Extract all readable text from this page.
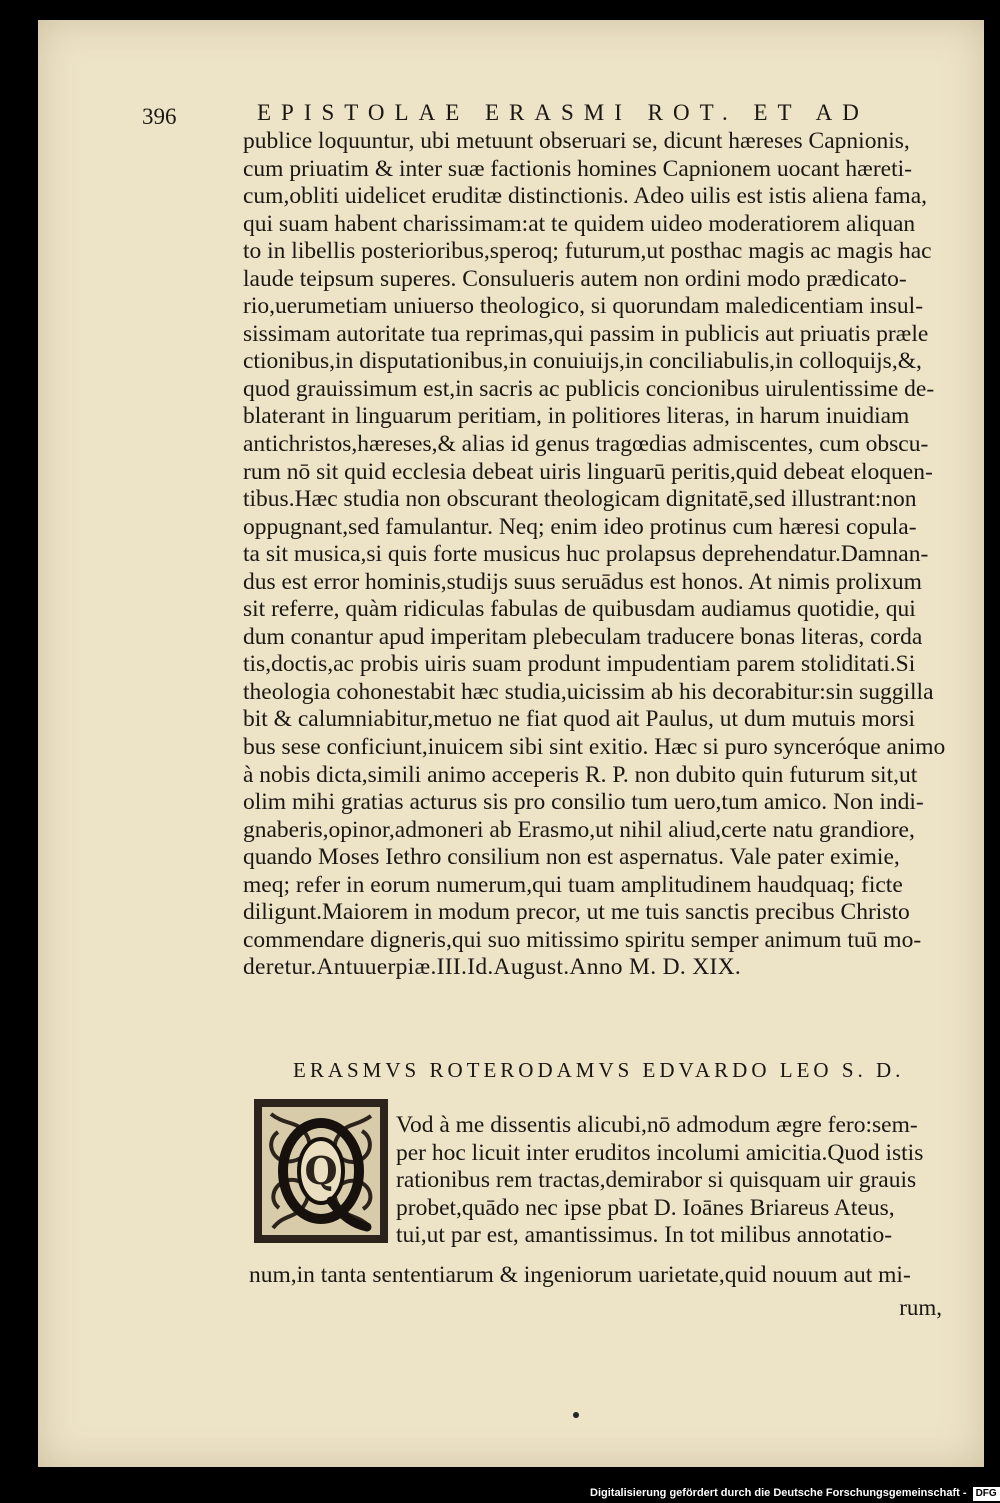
396	EPISTOLAE ERASMI ROT. ET AD
publice loquuntur, ubi metuunt obseruari se, dicunt hæreses Capnionis,
cum priuatim & inter suæ factionis homines Capnionem uocant hæreti-
cum,obliti uidelicet eruditæ distinctionis. Adeo uilis est istis aliena fama,
qui suam habent charissimam:at te quidem uideo moderatiorem aliquan
to in libellis posterioribus,speroq; futurum,ut posthac magis ac magis hac
laude teipsum superes. Consulueris autem non ordini modo prædicato-
rio,uerumetiam uniuerso theologico, si quorundam maledicentiam insul-
sissimam autoritate tua reprimas,qui passim in publicis aut priuatis præle
ctionibus,in disputationibus,in conuiuijs,in conciliabulis,in colloquijs,&,
quod grauissimum est,in sacris ac publicis concionibus uirulentissime de-
blaterant in linguarum peritiam, in politiores literas, in harum inuidiam
antichristos,hæreses,& alias id genus tragœdias admiscentes, cum obscu-
rum nō sit quid ecclesia debeat uiris linguarū peritis,quid debeat eloquen-
tibus.Hæc studia non obscurant theologicam dignitatē,sed illustrant:non
oppugnant,sed famulantur. Neq; enim ideo protinus cum hæresi copula-
ta sit musica,si quis forte musicus huc prolapsus deprehendatur.Damnan-
dus est error hominis,studijs suus seruādus est honos. At nimis prolixum
sit referre, quàm ridiculas fabulas de quibusdam audiamus quotidie, qui
dum conantur apud imperitam plebeculam traducere bonas literas, corda
tis,doctis,ac probis uiris suam produnt impudentiam parem stoliditati.Si
theologia cohonestabit hæc studia,uicissim ab his decorabitur:sin suggilla
bit & calumniabitur,metuo ne fiat quod ait Paulus, ut dum mutuis morsi
bus sese conficiunt,inuicem sibi sint exitio. Hæc si puro synceróque animo
à nobis dicta,simili animo acceperis R. P. non dubito quin futurum sit,ut
olim mihi gratias acturus sis pro consilio tum uero,tum amico. Non indi-
gnaberis,opinor,admoneri ab Erasmo,ut nihil aliud,certe natu grandiore,
quando Moses Iethro consilium non est aspernatus. Vale pater eximie,
meq; refer in eorum numerum,qui tuam amplitudinem haudquaq; ficte
diligunt.Maiorem in modum precor, ut me tuis sanctis precibus Christo
commendare digneris,qui suo mitissimo spiritu semper animum tuū mo-
deretur.Antuuerpiæ.III.Id.August.Anno M. D. XIX.
ERASMVS ROTERODAMVS EDVARDO LEO S. D.
Q
Vod à me dissentis alicubi,nō admodum ægre fero:sem-
per hoc licuit inter eruditos incolumi amicitia.Quod istis
rationibus rem tractas,demirabor si quisquam uir grauis
probet,quādo nec ipse pbat D. Ioānes Briareus Ateus,
tui,ut par est, amantissimus. In tot milibus annotatio-
num,in tanta sententiarum & ingeniorum uarietate,quid nouum aut mi-
rum,
Digitalisierung gefördert durch die Deutsche Forschungsgemeinschaft - DFG
